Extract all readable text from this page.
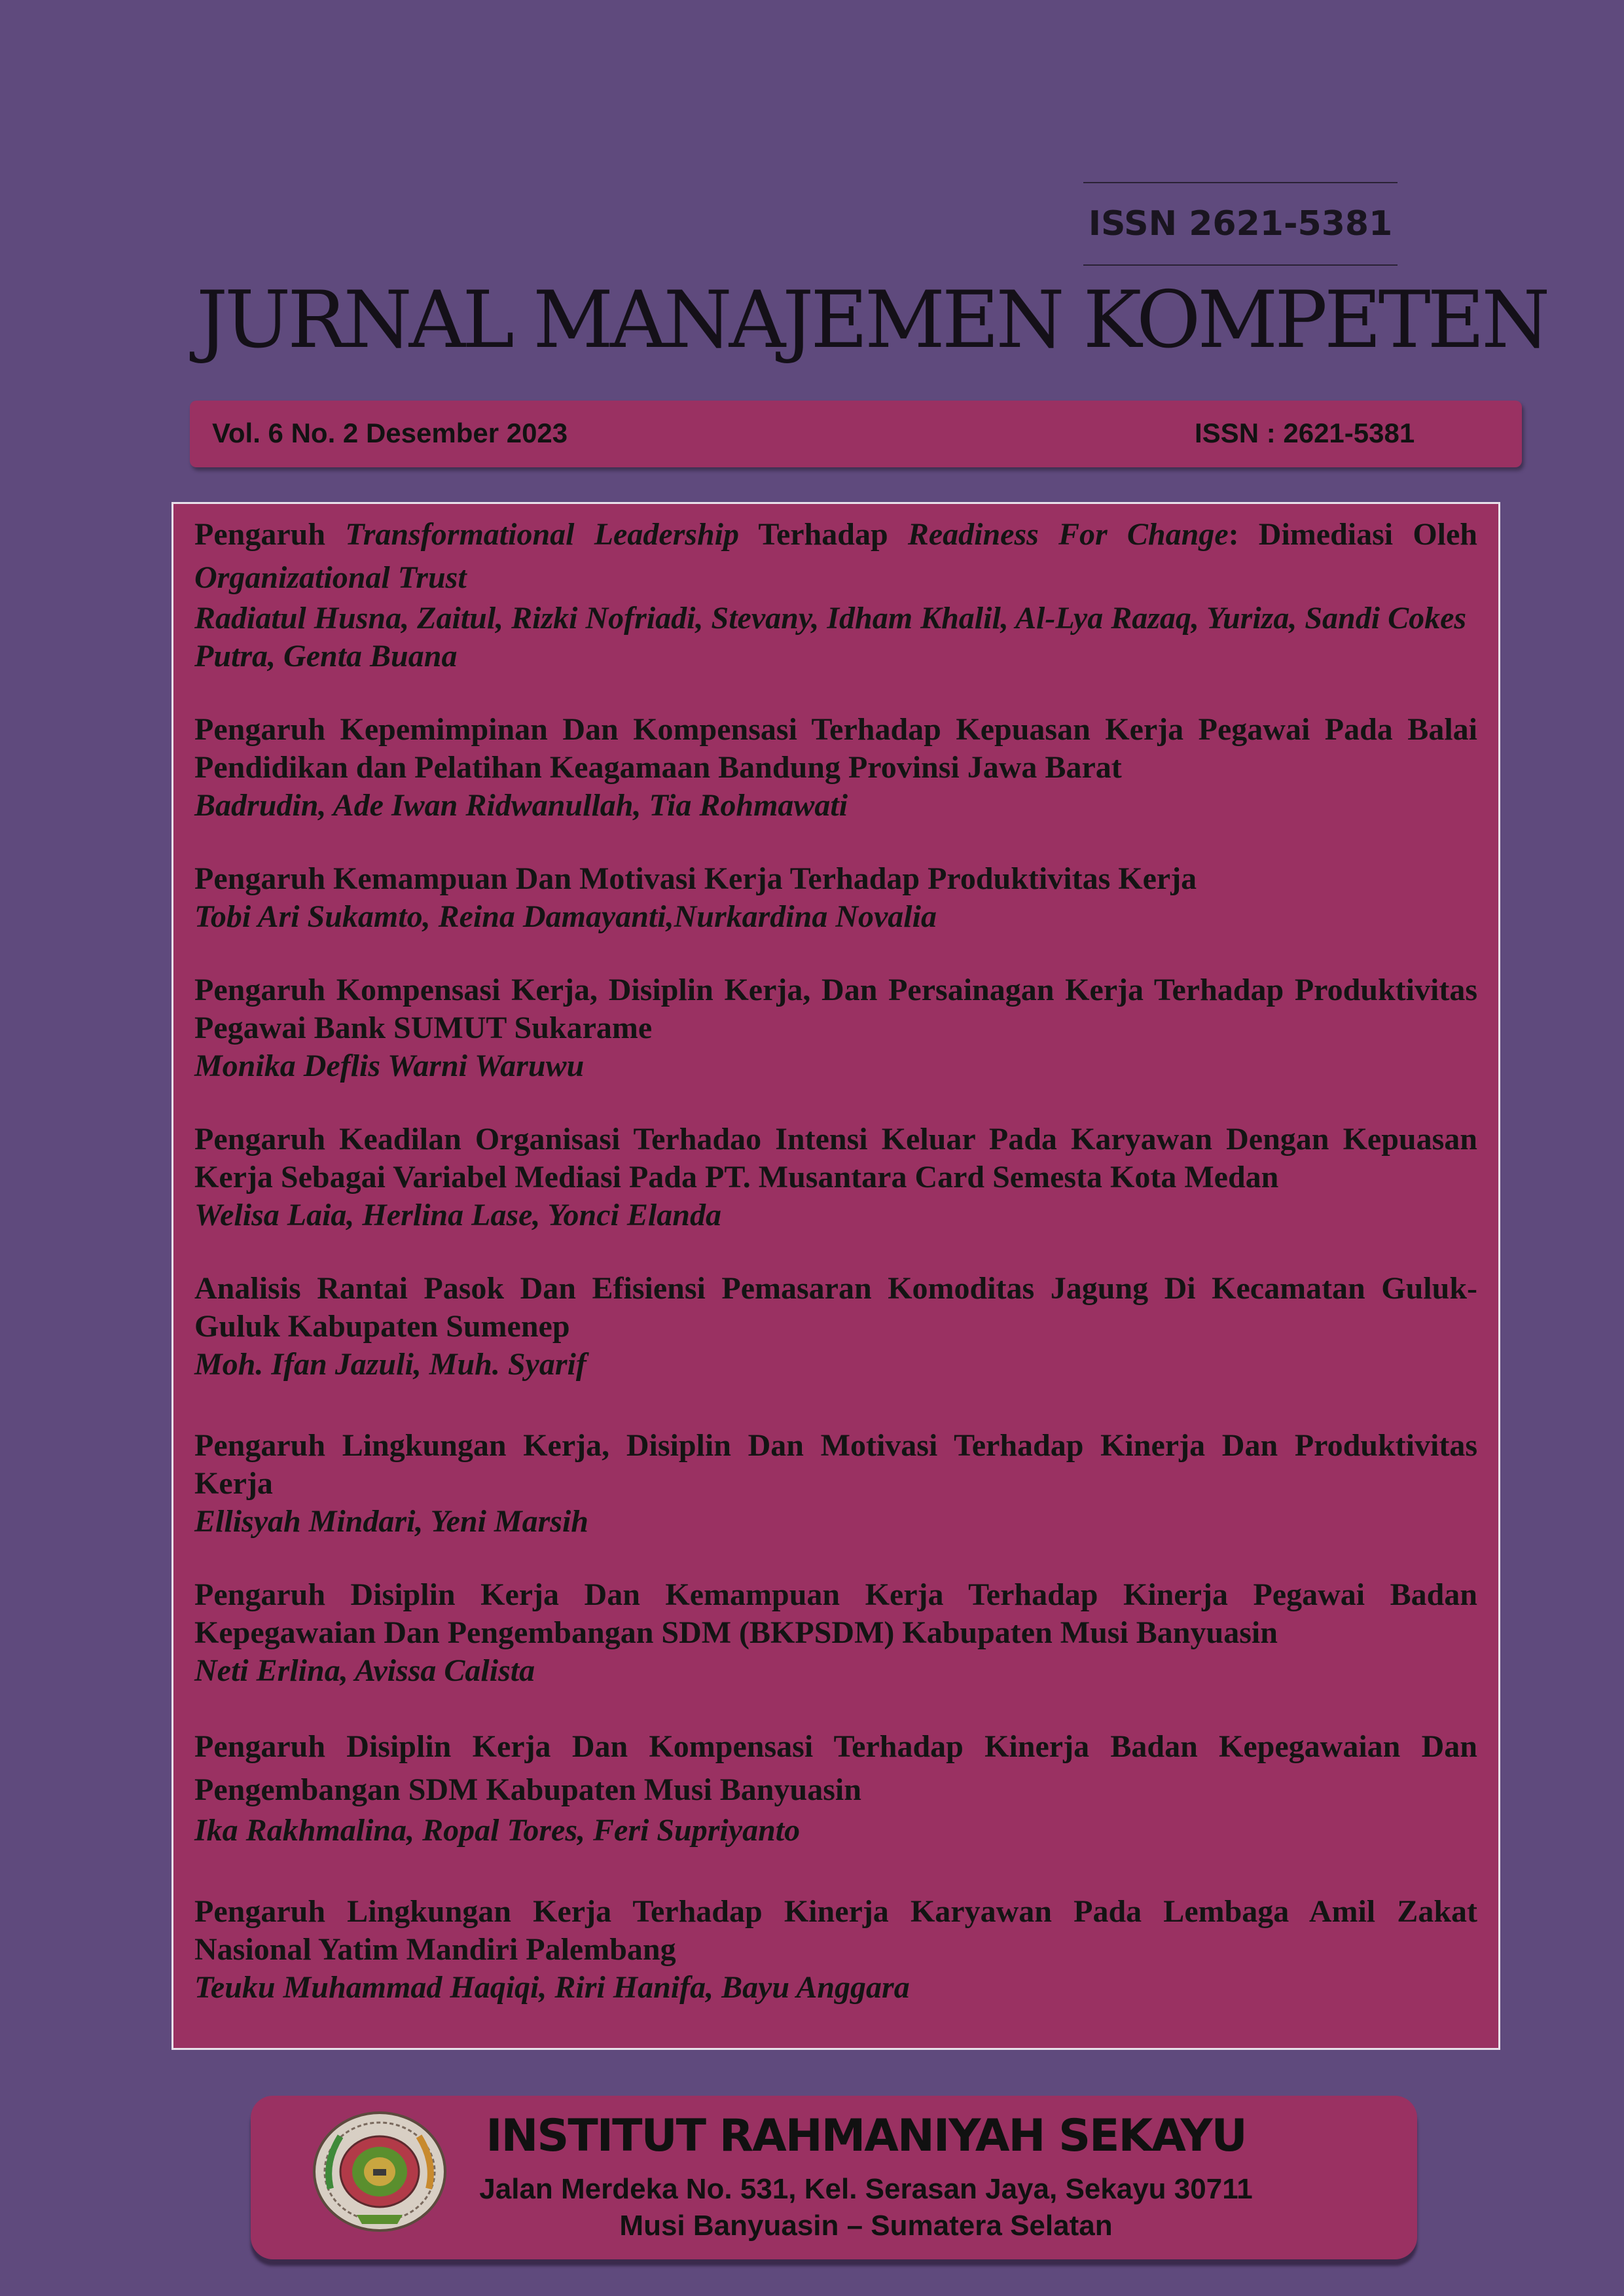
ISSN 2621-5381
JURNAL MANAJEMEN KOMPETEN
Vol. 6 No. 2 Desember 2023	ISSN : 2621-5381
Pengaruh Transformational Leadership Terhadap Readiness For Change: Dimediasi Oleh Organizational Trust
Radiatul Husna, Zaitul, Rizki Nofriadi, Stevany, Idham Khalil, Al-Lya Razaq, Yuriza, Sandi Cokes Putra, Genta Buana
Pengaruh Kepemimpinan Dan Kompensasi Terhadap Kepuasan Kerja Pegawai Pada Balai Pendidikan dan Pelatihan Keagamaan Bandung Provinsi Jawa Barat
Badrudin, Ade Iwan Ridwanullah, Tia Rohmawati
Pengaruh Kemampuan Dan Motivasi Kerja Terhadap Produktivitas Kerja
Tobi Ari Sukamto, Reina Damayanti,Nurkardina Novalia
Pengaruh Kompensasi Kerja, Disiplin Kerja, Dan Persainagan Kerja Terhadap Produktivitas Pegawai Bank SUMUT Sukarame
Monika Deflis Warni Waruwu
Pengaruh Keadilan Organisasi Terhadao Intensi Keluar Pada Karyawan Dengan Kepuasan Kerja Sebagai Variabel Mediasi Pada PT. Musantara Card Semesta Kota Medan
Welisa Laia, Herlina Lase, Yonci Elanda
Analisis Rantai Pasok Dan Efisiensi Pemasaran Komoditas Jagung Di Kecamatan Guluk-Guluk Kabupaten Sumenep
Moh. Ifan Jazuli, Muh. Syarif
Pengaruh Lingkungan Kerja, Disiplin Dan Motivasi Terhadap Kinerja Dan Produktivitas Kerja
Ellisyah Mindari, Yeni Marsih
Pengaruh Disiplin Kerja Dan Kemampuan Kerja Terhadap Kinerja Pegawai Badan Kepegawaian Dan Pengembangan SDM (BKPSDM) Kabupaten Musi Banyuasin
Neti Erlina, Avissa Calista
Pengaruh Disiplin Kerja Dan Kompensasi Terhadap Kinerja Badan Kepegawaian Dan Pengembangan SDM Kabupaten Musi Banyuasin
Ika Rakhmalina, Ropal Tores, Feri Supriyanto
Pengaruh Lingkungan Kerja Terhadap Kinerja Karyawan Pada Lembaga Amil Zakat Nasional Yatim Mandiri Palembang
Teuku Muhammad Haqiqi, Riri Hanifa, Bayu Anggara
INSTITUT RAHMANIYAH SEKAYU
Jalan Merdeka No. 531, Kel. Serasan Jaya, Sekayu 30711
Musi Banyuasin – Sumatera Selatan
